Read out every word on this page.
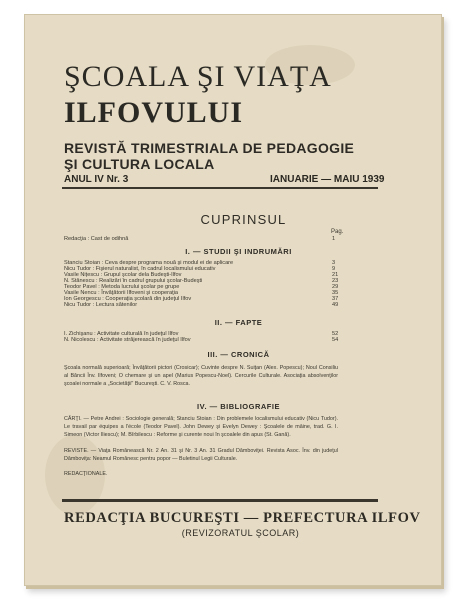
ŞCOALA ŞI VIAŢA
ILFOVULUI
REVISTĂ TRIMESTRIALA DE PEDAGOGIE
ŞI CULTURA LOCALA
ANUL IV Nr. 3	IANUARIE — MAIU 1939
CUPRINSUL
Pag.
Redacţia : Cast de odihnă	1
I. — STUDII ŞI INDRUMĂRI
Stanciu Stoian : Ceva despre programa nouă şi modul ei de aplicare	3
Nicu Tudor : Fişierul naturalist, în cadrul localismului educativ	9
Vasile Nițescu : Grupul şcolar dela Budeşti-Ilfov	21
N. Stănescu : Realizări în cadrul grupului şcolar-Budeşti	23
Teodor Pavel : Metoda lucrului şcolar pe grupe	29
Vasile Nencu : Învăţătorii Ilfoveni şi cooperaţia	35
Ion Georgescu : Cooperaţia şcolară din judeţul Ilfov	37
Nicu Tudor : Lectura sătenilor	49
II. — FAPTE
I. Zichişanu : Activitate culturală în judeţul Ilfov	52
N. Nicolescu : Activitate străjerească în judeţul Ilfov	54
III. — CRONICĂ
Şcoala normală superioară; Învăţătorii pictori (Crosicar); Cuvinte despre N. Suiţan (Alex. Popescu); Noul Consiliu al Băncii Înv. Ilfoveni; O chemare şi un apel (Marius Popescu-Noel). Cercurile Culturale. Asociaţia absolvenţilor şcoalei normale a „Societăţii" Bucureşti. C. V. Rosca.
IV. — BIBLIOGRAFIE
CĂRŢI. — Petre Andrei : Sociologie generală; Stanciu Stoian : Din problemele localismului educativ (Nicu Tudor). Le travail par équipes a l'école (Teodor Pavel). John Dewey şi Evelyn Dewey : Şcoalele de mâine, trad. G. I. Simeon (Victor Iliescu); M. Bîrbilescu : Reforme şi curente noui în şcoalele din apus (St. Gană).
REVISTE. — Viaţa Românească Nr. 2 An. 31 şi Nr. 3 An. 31 Gradul Dâmboviţei. Revista Asoc. Înv. din judeţul Dâmboviţa: Neamul Românesc pentru popor — Buletinul Legii Culturale.
REDACŢIONALE.
REDACŢIA BUCUREŞTI — PREFECTURA ILFOV
(REVIZORATUL ŞCOLAR)
